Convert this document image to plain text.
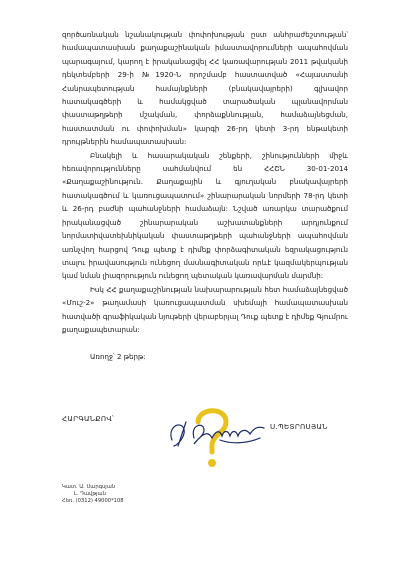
զործառնական նշանակության փոփոխության ըստ անհրաժեշտության՝ համապատասխան քաղաքաշինական իմաստավորումների ապահովման պարագայում, կարող է իրականացվել ՀՀ կառավարության 2011 թվականի դեկտեմբերի 29-ի №1920-Ն որոշմամբ հաստատված «Հայաստանի Հանրապետության համայնքների (բնակավայրերի) գլխավոր հատակագծերի և համակցված տարածական պլանավորման փաստաթղթերի մշակման, փորձաքննության, համաձայնեցման, հաստատման ու փոփոխման» կարգի 26-րդ կետի 3-րդ ենթակետի դրույթներին համապատասխան:

Բնակելի և հասարակական շենքերի, շինությունների միջև հեռավորությունները սահմանվում են ՀՀՇՆ 30-01-2014 «Քաղաքաշինություն. Քաղաքային և գյուղական բնակավայրերի հատակագծում և կառուցապատում» շինարարական նորմերի 78-րդ կետի և 26-րդ բաժնի պահանջների համաձայն: Նշված առարկա տարածքում իրականացված շինարարական աշխատանքների արդյունքում նորմատիվատեխնիկական փաստաթղթերի պահանջների ապահովման առնչվող հարցով Դուք պետք է դիմեք փորձագիտական եզրակացություն տալու իրավասություն ունեցող մասնագիտական որևէ կազմակերպության կամ նման լիազորություն ունեցող պետական կառավարման մարմնի:

Իսկ ՀՀ քաղաքաշինության նախարարության հետ համաձայնեցված «Մուշ-2» թաղամասի կառուցապատման սխեմայի համապատասխան հատվածի գրաֆիկական նյութերի վերաբերյալ Դուք պետք է դիմեք Գյումրու քաղաքապետարան:

Առողջ՝ 2 թերթ:
ՀԱՐԳԱՆՔՈՎ՝
Ս.ՊԵՏՐՈՍՅԱՆ
Կատ. Ա. Սարգսյան
Լ. Դավթյան
Հեռ. (0312) 49000*108
